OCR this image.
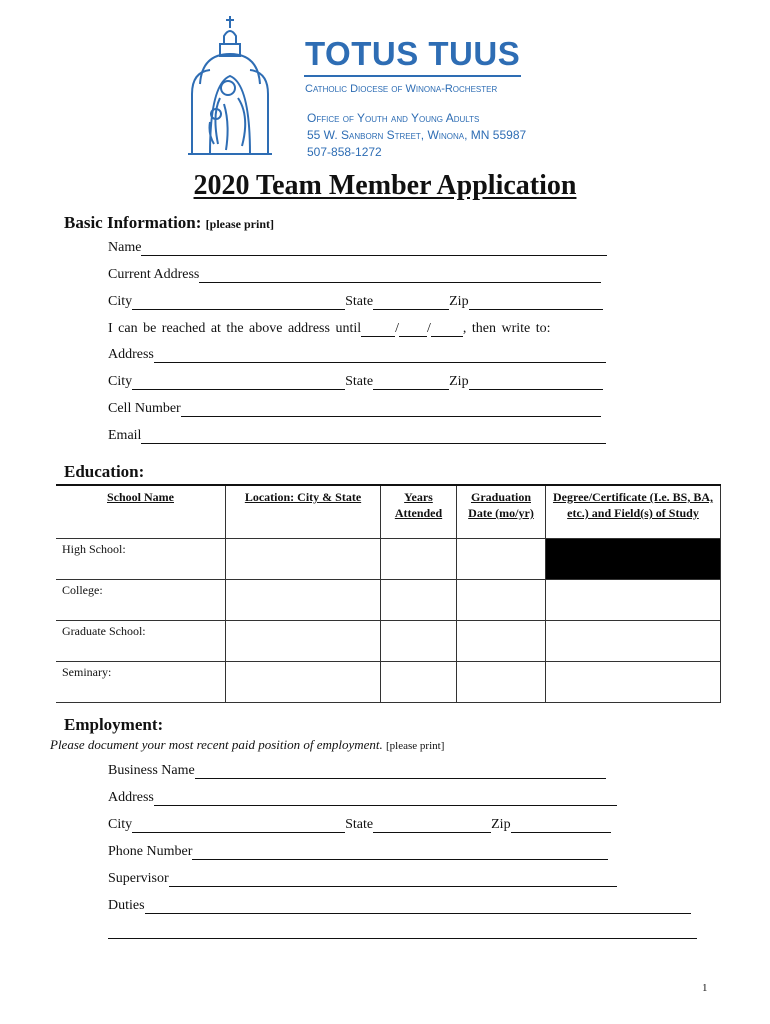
TOTUS TUUS
Catholic Diocese of Winona-Rochester
Office of Youth and Young Adults
55 W. Sanborn Street, Winona, MN 55987
507-858-1272
2020 Team Member Application
Basic Information: [please print]
Name
Current Address
City	State	Zip
I can be reached at the above address until / / , then write to:
Address
City	State	Zip
Cell Number
Email
Education:
School Name	Location: City & State	Years Attended	Graduation Date (mo/yr)	Degree/Certificate (I.e. BS, BA, etc.) and Field(s) of Study
High School:				
College:				
Graduate School:				
Seminary:				
Employment:
Please document your most recent paid position of employment. [please print]
Business Name
Address
City	State	Zip
Phone Number
Supervisor
Duties
1
